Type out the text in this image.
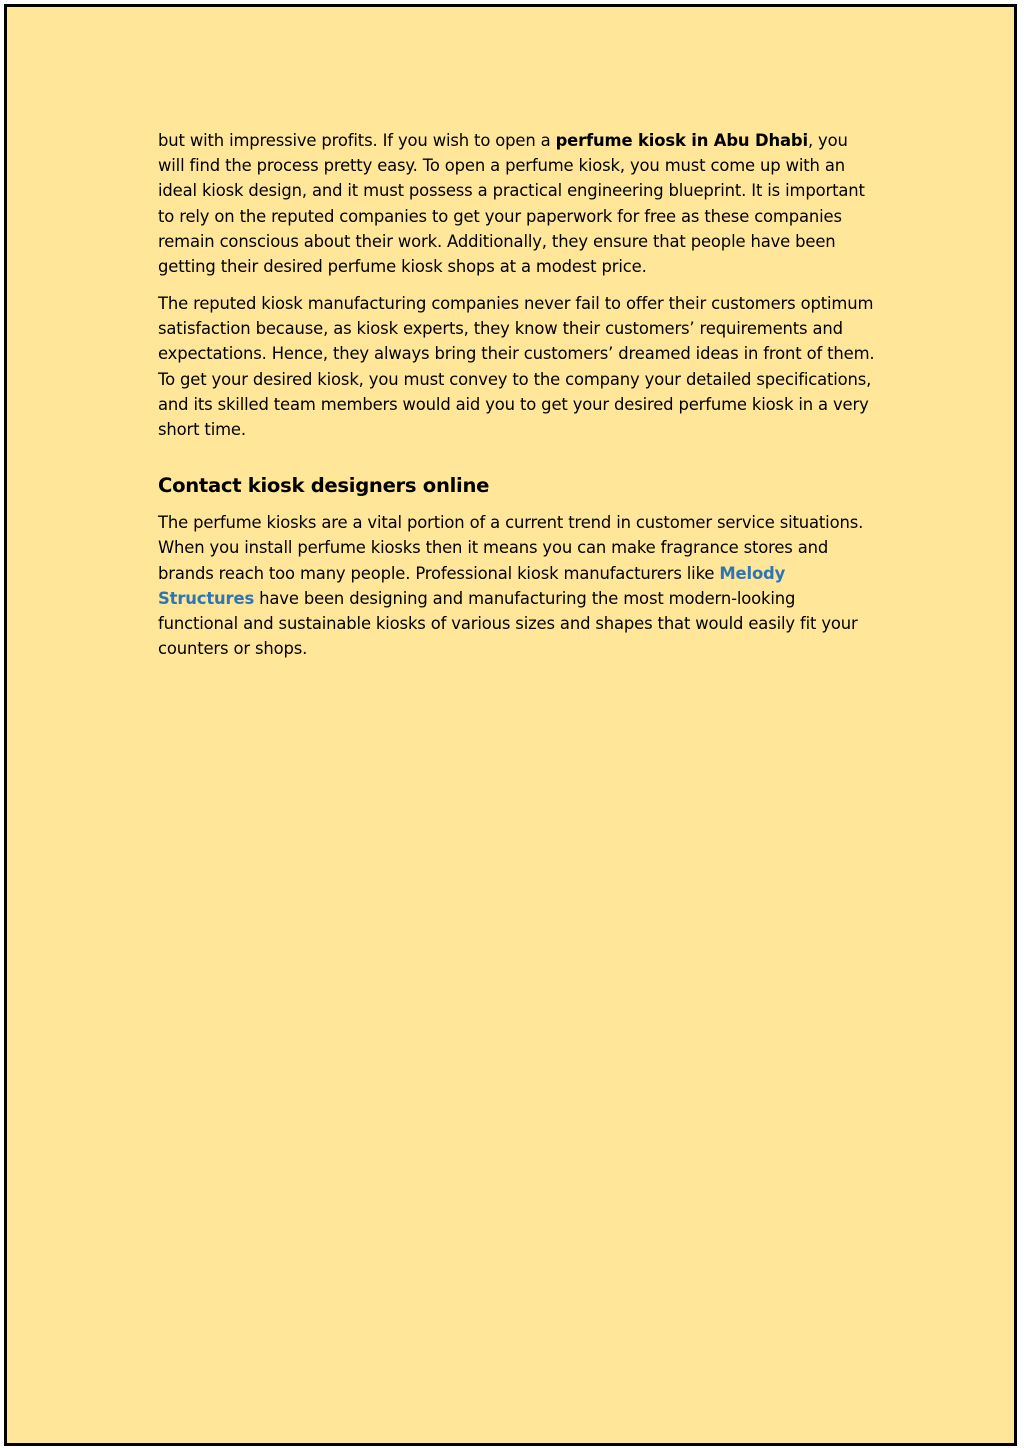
but with impressive profits. If you wish to open a perfume kiosk in Abu Dhabi, you will find the process pretty easy. To open a perfume kiosk, you must come up with an ideal kiosk design, and it must possess a practical engineering blueprint. It is important to rely on the reputed companies to get your paperwork for free as these companies remain conscious about their work. Additionally, they ensure that people have been getting their desired perfume kiosk shops at a modest price.

The reputed kiosk manufacturing companies never fail to offer their customers optimum satisfaction because, as kiosk experts, they know their customers’ requirements and expectations. Hence, they always bring their customers’ dreamed ideas in front of them. To get your desired kiosk, you must convey to the company your detailed specifications, and its skilled team members would aid you to get your desired perfume kiosk in a very short time.

Contact kiosk designers online

The perfume kiosks are a vital portion of a current trend in customer service situations. When you install perfume kiosks then it means you can make fragrance stores and brands reach too many people. Professional kiosk manufacturers like Melody Structures have been designing and manufacturing the most modern-looking functional and sustainable kiosks of various sizes and shapes that would easily fit your counters or shops.
